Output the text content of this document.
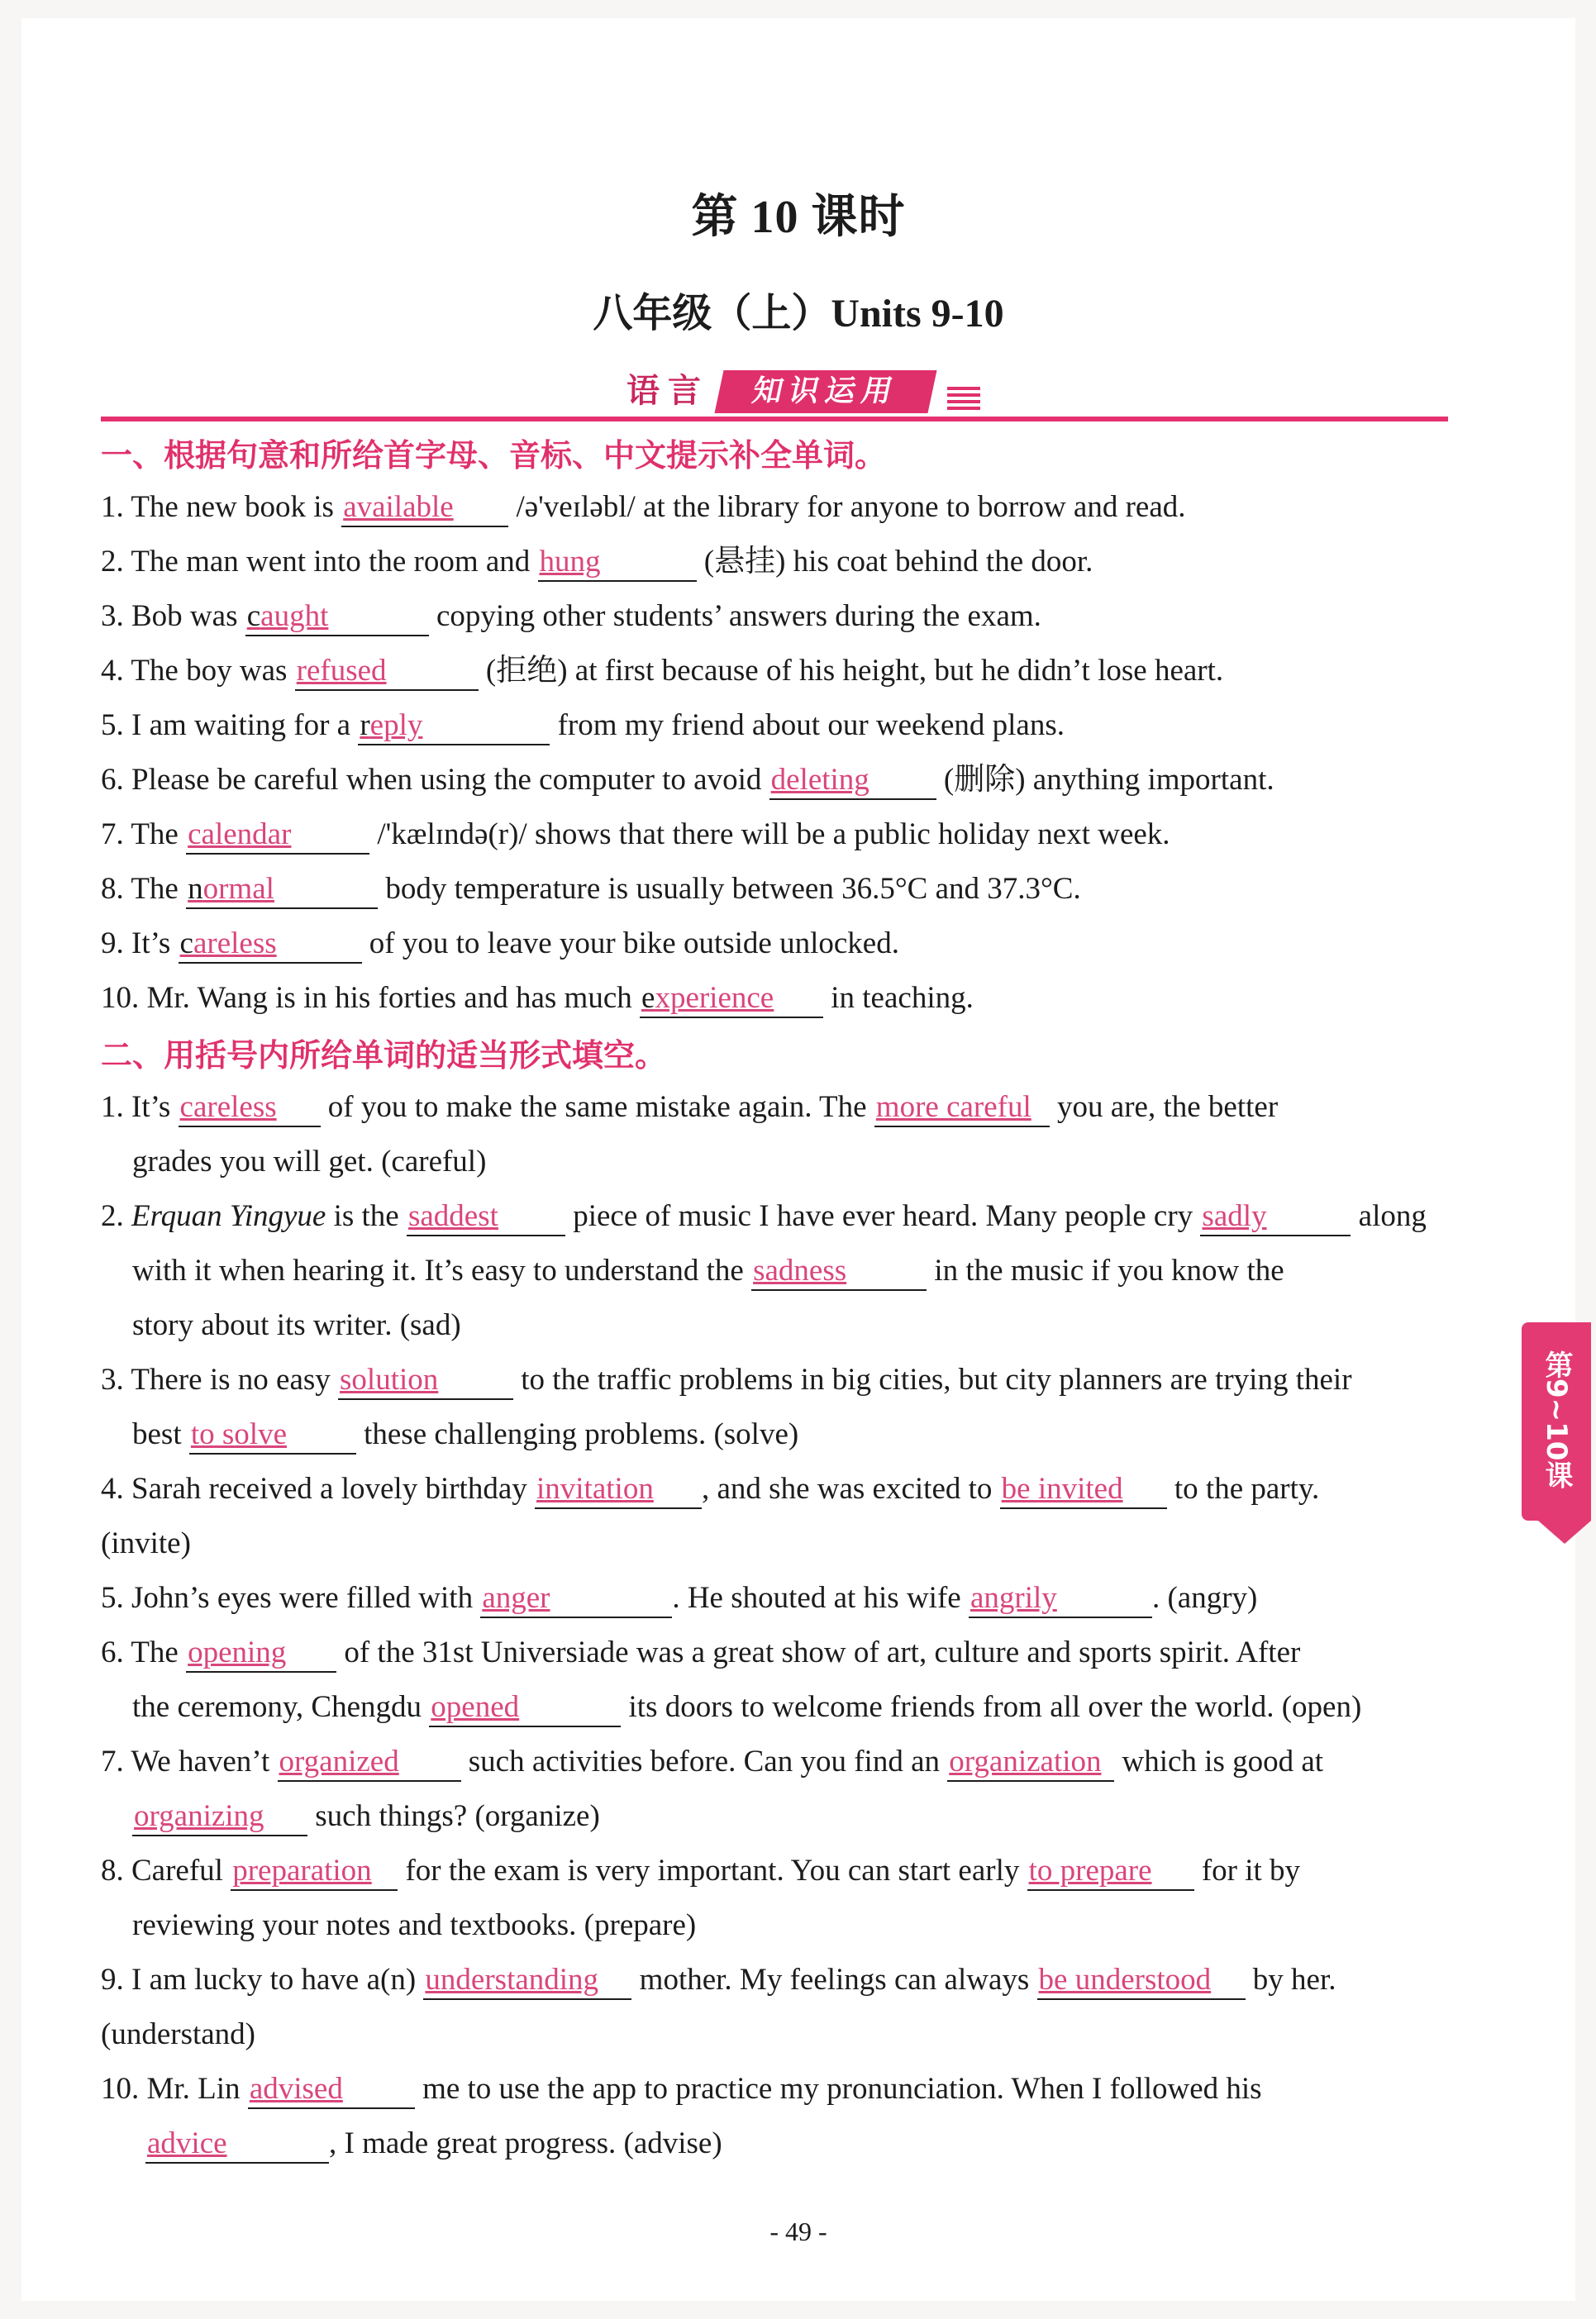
第 10 课时
八年级（上）Units 9-10
语言	知识运用
一、根据句意和所给首字母、音标、中文提示补全单词。
1. The new book is available /ə'veɪləbl/ at the library for anyone to borrow and read.
2. The man went into the room and hung	(悬挂) his coat behind the door.
3. Bob was caught	copying other students’ answers during the exam.
4. The boy was refused	(拒绝) at first because of his height, but he didn’t lose heart.
5. I am waiting for a reply	from my friend about our weekend plans.
6. Please be careful when using the computer to avoid deleting (删除) anything important.
7. The calendar	/'kælɪndə(r)/ shows that there will be a public holiday next week.
8. The normal	body temperature is usually between 36.5°C and 37.3°C.
9. It’s careless	of you to leave your bike outside unlocked.
10. Mr. Wang is in his forties and has much experience in teaching.
二、用括号内所给单词的适当形式填空。
1. It’s careless of you to make the same mistake again. The more careful you are, the better
grades you will get. (careful)
2. Erquan Yingyue is the saddest piece of music I have ever heard. Many people cry sadly	along
with it when hearing it. It’s easy to understand the sadness	in the music if you know the
story about its writer. (sad)
3. There is no easy solution to the traffic problems in big cities, but city planners are trying their
best to solve these challenging problems. (solve)
4. Sarah received a lovely birthday invitation , and she was excited to be invited to the party.
(invite)
5. John’s eyes were filled with anger	. He shouted at his wife angrily	. (angry)
6. The opening of the 31st Universiade was a great show of art, culture and sports spirit. After
the ceremony, Chengdu opened	its doors to welcome friends from all over the world. (open)
7. We haven’t organized such activities before. Can you find an organization which is good at
organizing such things? (organize)
8. Careful preparation for the exam is very important. You can start early to prepare for it by
reviewing your notes and textbooks. (prepare)
9. I am lucky to have a(n) understanding mother. My feelings can always be understood by her.
(understand)
10. Mr. Lin advised me to use the app to practice my pronunciation. When I followed his
advice	, I made great progress. (advise)
- 49 -
第9~10课时
